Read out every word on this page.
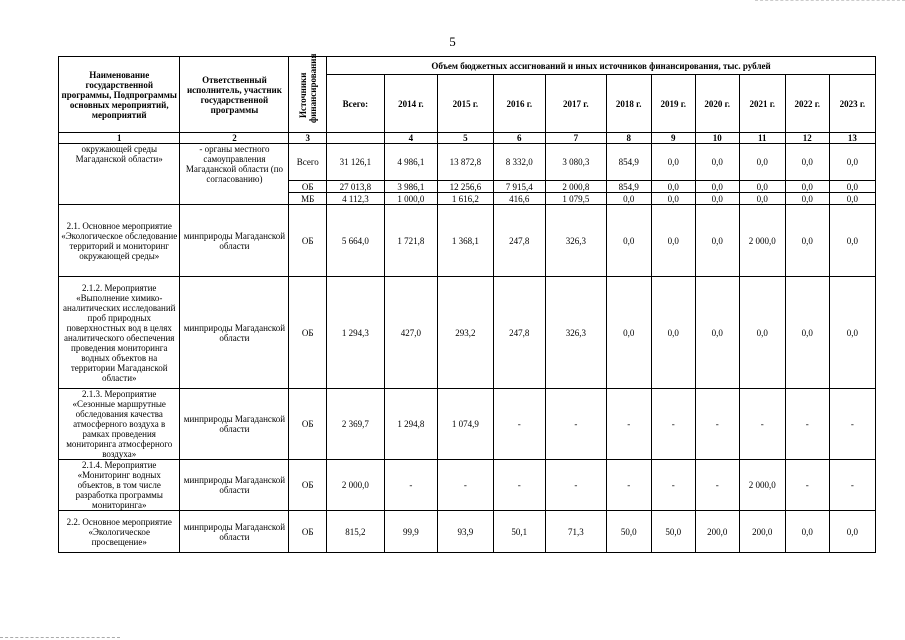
5
Наименование государственной программы, Подпрограммы основных мероприятий, мероприятий	Ответственный исполнитель, участник государственной программы	Источники финансирования	Объем бюджетных ассигнований и иных источников финансирования, тыс. рублей										
			Всего:	2014 г.	2015 г.	2016 г.	2017 г.	2018 г.	2019 г.	2020 г.	2021 г.	2022 г.	2023 г.
1	2	3		4	5	6	7	8	9	10	11	12	13
окружающей среды Магаданской области»	- органы местного самоуправления Магаданской области (по согласованию)	Всего	31 126,1	4 986,1	13 872,8	8 332,0	3 080,3	854,9	0,0	0,0	0,0	0,0	0,0
		ОБ	27 013,8	3 986,1	12 256,6	7 915,4	2 000,8	854,9	0,0	0,0	0,0	0,0	0,0
		МБ	4 112,3	1 000,0	1 616,2	416,6	1 079,5	0,0	0,0	0,0	0,0	0,0	0,0
2.1. Основное мероприятие «Экологическое обследование территорий и мониторинг окружающей среды»	минприроды Магаданской области	ОБ	5 664,0	1 721,8	1 368,1	247,8	326,3	0,0	0,0	0,0	2 000,0	0,0	0,0
2.1.2. Мероприятие «Выполнение химико-аналитических исследований проб природных поверхностных вод в целях аналитического обеспечения проведения мониторинга водных объектов на территории Магаданской области»	минприроды Магаданской области	ОБ	1 294,3	427,0	293,2	247,8	326,3	0,0	0,0	0,0	0,0	0,0	0,0
2.1.3. Мероприятие «Сезонные маршрутные обследования качества атмосферного воздуха в рамках проведения мониторинга атмосферного воздуха»	минприроды Магаданской области	ОБ	2 369,7	1 294,8	1 074,9	-	-	-	-	-	-	-	-
2.1.4. Мероприятие «Мониторинг водных объектов, в том числе разработка программы мониторинга»	минприроды Магаданской области	ОБ	2 000,0	-	-	-	-	-	-	-	2 000,0	-	-
2.2. Основное мероприятие «Экологическое просвещение»	минприроды Магаданской области	ОБ	815,2	99,9	93,9	50,1	71,3	50,0	50,0	200,0	200,0	0,0	0,0
